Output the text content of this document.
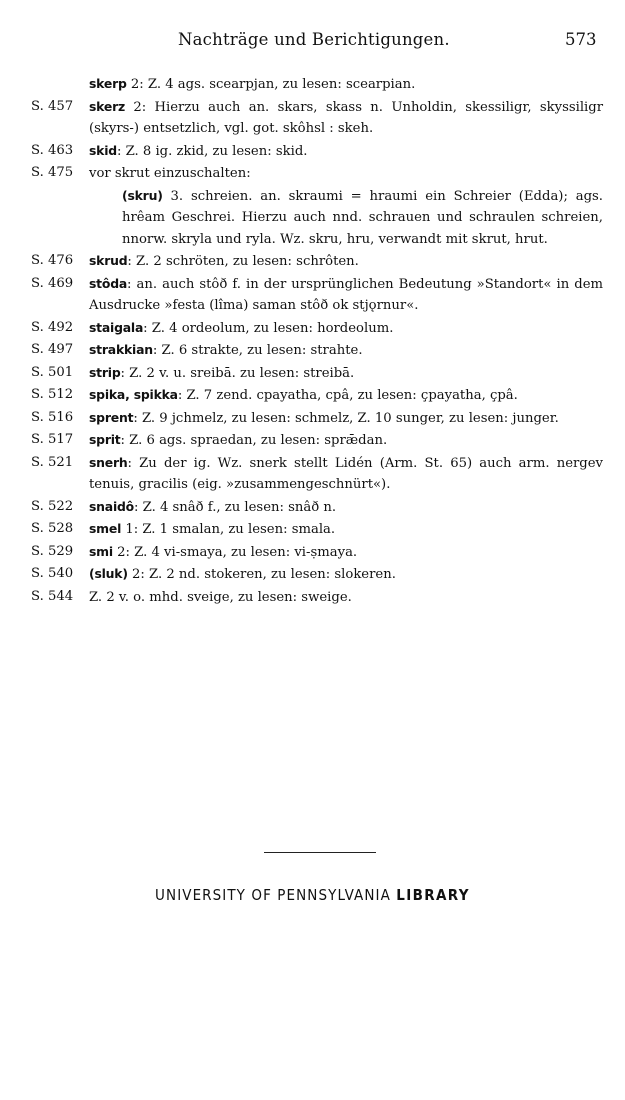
Nachträge und Berichtigungen.	573
skerp 2: Z. 4 ags. scearpjan, zu lesen: scearpian.
S. 457 skerz 2: Hierzu auch an. skars, skass n. Unholdin, skessiligr, skyssiligr (skyrs-) entsetzlich, vgl. got. skôhsl : skeh.
S. 463 skid: Z. 8 ig. zkid, zu lesen: skid.
S. 475 vor skrut einzuschalten:
(skru) 3. schreien. an. skraumi = hraumi ein Schreier (Edda); ags. hrêam Geschrei. Hierzu auch nnd. schrauen und schraulen schreien, nnorw. skryla und ryla. Wz. skru, hru, verwandt mit skrut, hrut.
S. 476 skrud: Z. 2 schröten, zu lesen: schrôten.
S. 469 stôda: an. auch stôð f. in der ursprünglichen Bedeutung »Standort« in dem Ausdrucke »festa (lîma) saman stôð ok stjǫrnur«.
S. 492 staigala: Z. 4 ordeolum, zu lesen: hordeolum.
S. 497 strakkian: Z. 6 strakte, zu lesen: strahte.
S. 501 strip: Z. 2 v. u. sreibā. zu lesen: streibā.
S. 512 spika, spikka: Z. 7 zend. cpayatha, cpâ, zu lesen: çpayatha, çpâ.
S. 516 sprent: Z. 9 jchmelz, zu lesen: schmelz, Z. 10 sunger, zu lesen: junger.
S. 517 sprit: Z. 6 ags. spraedan, zu lesen: sprǣdan.
S. 521 snerh: Zu der ig. Wz. snerk stellt Lidén (Arm. St. 65) auch arm. nergev tenuis, gracilis (eig. »zusammengeschnürt«).
S. 522 snaidô: Z. 4 snâð f., zu lesen: snâð n.
S. 528 smel 1: Z. 1 smalan, zu lesen: smala.
S. 529 smi 2: Z. 4 vi-smaya, zu lesen: vi-ṣmaya.
S. 540 (sluk) 2: Z. 2 nd. stokeren, zu lesen: slokeren.
S. 544 Z. 2 v. o. mhd. sveige, zu lesen: sweige.
UNIVERSITY OF PENNSYLVANIA LIBRARY
